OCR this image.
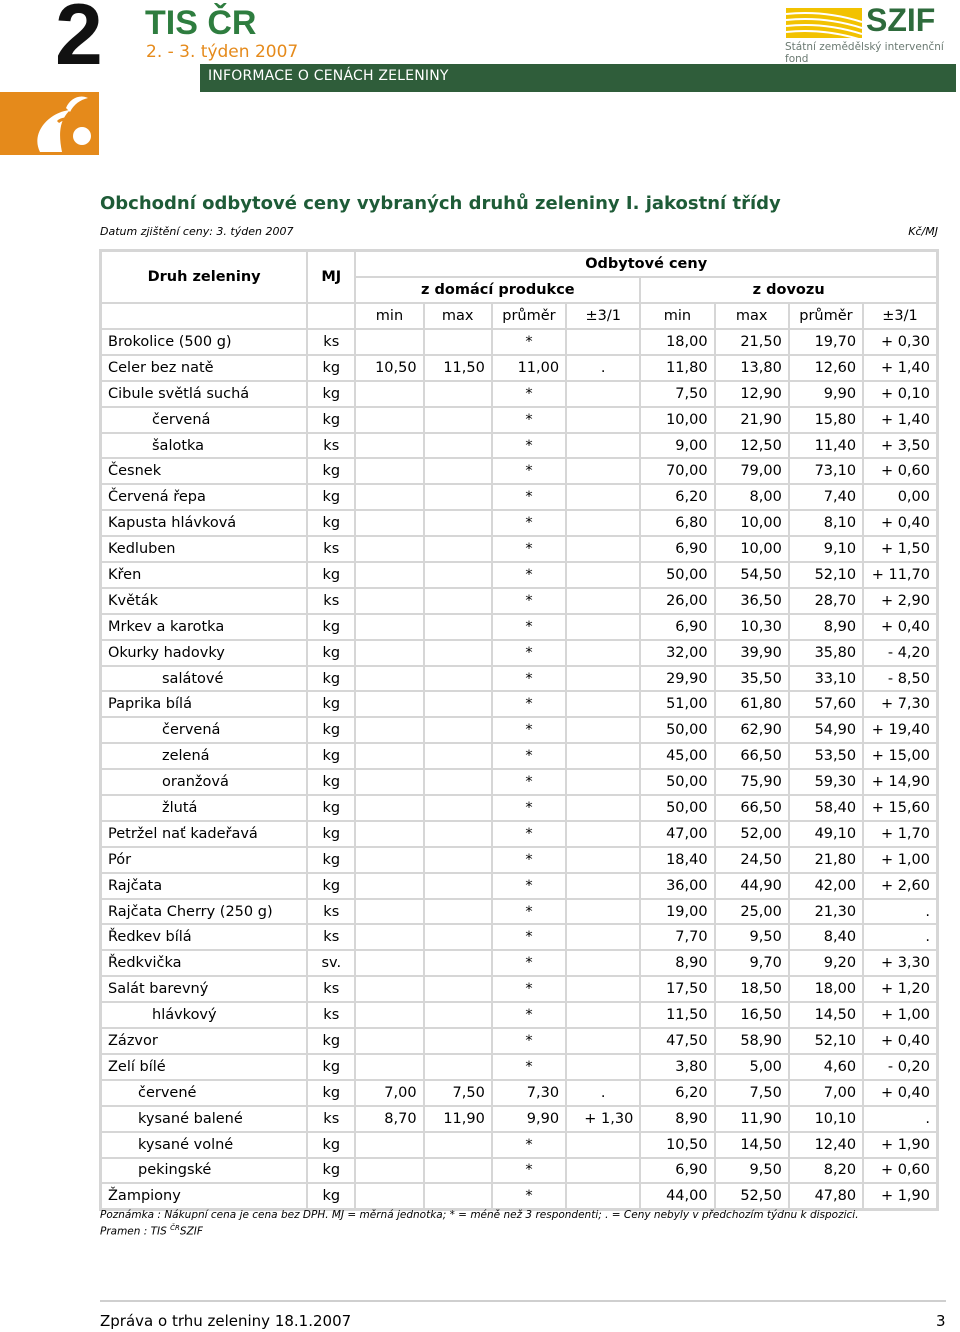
2 TIS ČR
2. - 3. týden 2007
INFORMACE O CENÁCH ZELENINY
SZIF
Státní zemědělský intervenční fond
Obchodní odbytové ceny vybraných druhů zeleniny I. jakostní třídy
Datum zjištění ceny: 3. týden 2007	Kč/MJ
Druh zeleniny	MJ	Odbytové ceny							
		z domácí produkce				z dovozu			
		min	max	průměr	±3/1	min	max	průměr	±3/1
Brokolice (500 g)	ks			*		18,00	21,50	19,70	+ 0,30
Celer bez natě	kg	10,50	11,50	11,00	.	11,80	13,80	12,60	+ 1,40
Cibule světlá suchá	kg			*		7,50	12,90	9,90	+ 0,10
červená	kg			*		10,00	21,90	15,80	+ 1,40
šalotka	ks			*		9,00	12,50	11,40	+ 3,50
Česnek	kg			*		70,00	79,00	73,10	+ 0,60
Červená řepa	kg			*		6,20	8,00	7,40	0,00
Kapusta hlávková	kg			*		6,80	10,00	8,10	+ 0,40
Kedluben	ks			*		6,90	10,00	9,10	+ 1,50
Křen	kg			*		50,00	54,50	52,10	+ 11,70
Květák	ks			*		26,00	36,50	28,70	+ 2,90
Mrkev a karotka	kg			*		6,90	10,30	8,90	+ 0,40
Okurky hadovky	kg			*		32,00	39,90	35,80	- 4,20
salátové	kg			*		29,90	35,50	33,10	- 8,50
Paprika bílá	kg			*		51,00	61,80	57,60	+ 7,30
červená	kg			*		50,00	62,90	54,90	+ 19,40
zelená	kg			*		45,00	66,50	53,50	+ 15,00
oranžová	kg			*		50,00	75,90	59,30	+ 14,90
žlutá	kg			*		50,00	66,50	58,40	+ 15,60
Petržel nať kadeřavá	kg			*		47,00	52,00	49,10	+ 1,70
Pór	kg			*		18,40	24,50	21,80	+ 1,00
Rajčata	kg			*		36,00	44,90	42,00	+ 2,60
Rajčata Cherry (250 g)	ks			*		19,00	25,00	21,30	.
Ředkev bílá	ks			*		7,70	9,50	8,40	.
Ředkvička	sv.			*		8,90	9,70	9,20	+ 3,30
Salát barevný	ks			*		17,50	18,50	18,00	+ 1,20
hlávkový	ks			*		11,50	16,50	14,50	+ 1,00
Zázvor	kg			*		47,50	58,90	52,10	+ 0,40
Zelí bílé	kg			*		3,80	5,00	4,60	- 0,20
červené	kg	7,00	7,50	7,30	.	6,20	7,50	7,00	+ 0,40
kysané balené	ks	8,70	11,90	9,90	+ 1,30	8,90	11,90	10,10	.
kysané volné	kg			*		10,50	14,50	12,40	+ 1,90
pekingské	kg			*		6,90	9,50	8,20	+ 0,60
Žampiony	kg			*		44,00	52,50	47,80	+ 1,90
Poznámka : Nákupní cena je cena bez DPH. MJ = měrná jednotka; * = méně než 3 respondenti; . = Ceny nebyly v předchozím týdnu k dispozici.
Pramen : TIS $^{ČR}$SZIF
Zpráva o trhu zeleniny 18.1.2007	3
